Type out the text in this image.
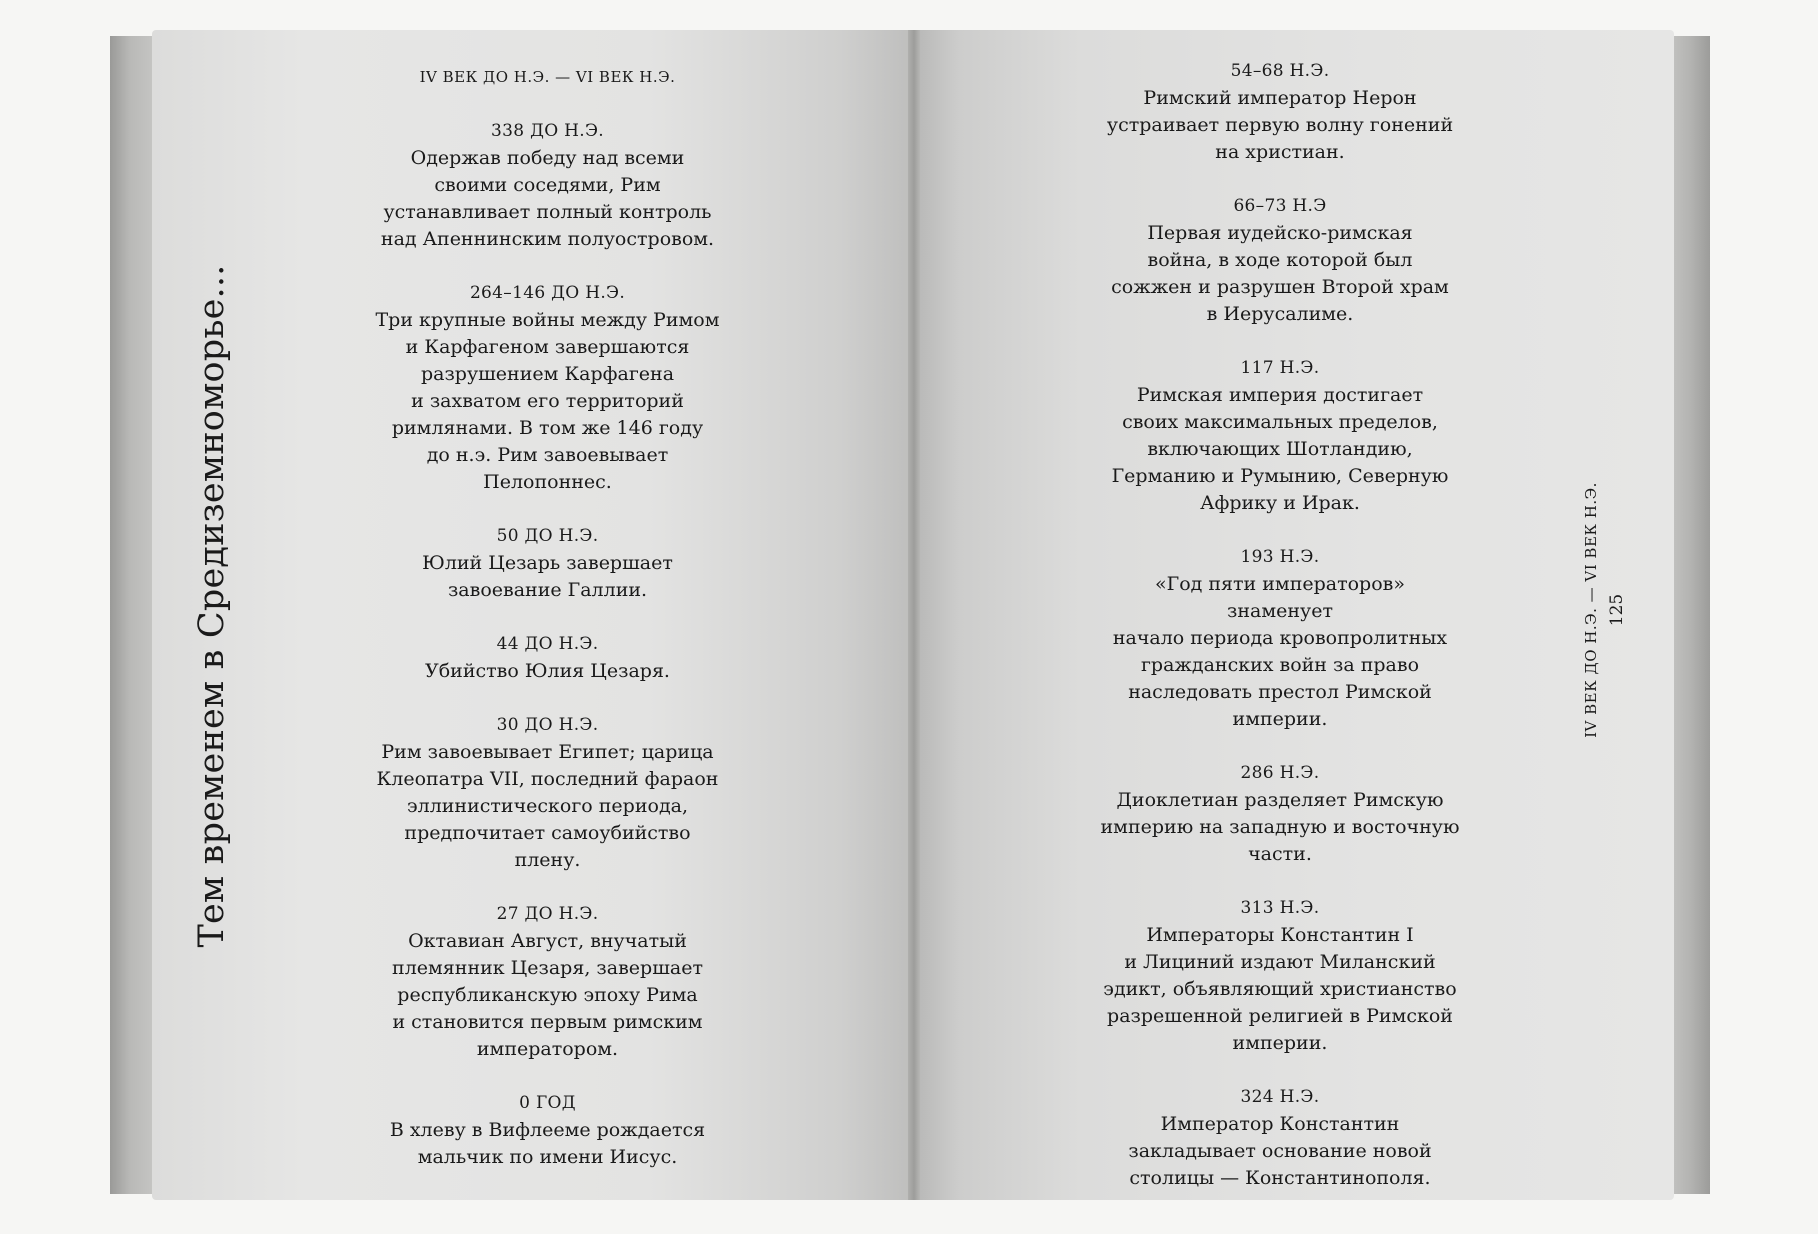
Тем временем в Средиземноморье...
IV ВЕК ДО Н.Э. — VI ВЕК Н.Э.
338 ДО Н.Э.
Одержав победу над всеми
своими соседями, Рим
устанавливает полный контроль
над Апеннинским полуостровом.
264–146 ДО Н.Э.
Три крупные войны между Римом
и Карфагеном завершаются
разрушением Карфагена
и захватом его территорий
римлянами. В том же 146 году
до н.э. Рим завоевывает
Пелопоннес.
50 ДО Н.Э.
Юлий Цезарь завершает
завоевание Галлии.
44 ДО Н.Э.
Убийство Юлия Цезаря.
30 ДО Н.Э.
Рим завоевывает Египет; царица
Клеопатра VII, последний фараон
эллинистического периода,
предпочитает самоубийство
плену.
27 ДО Н.Э.
Октавиан Август, внучатый
племянник Цезаря, завершает
республиканскую эпоху Рима
и становится первым римским
императором.
0 ГОД
В хлеву в Вифлееме рождается
мальчик по имени Иисус.
54–68 Н.Э.
Римский император Нерон
устраивает первую волну гонений
на христиан.
66–73 Н.Э
Первая иудейско-римская
война, в ходе которой был
сожжен и разрушен Второй храм
в Иерусалиме.
117 Н.Э.
Римская империя достигает
своих максимальных пределов,
включающих Шотландию,
Германию и Румынию, Северную
Африку и Ирак.
193 Н.Э.
«Год пяти императоров» знаменует
начало периода кровопролитных
гражданских войн за право
наследовать престол Римской
империи.
286 Н.Э.
Диоклетиан разделяет Римскую
империю на западную и восточную
части.
313 Н.Э.
Императоры Константин I
и Лициний издают Миланский
эдикт, объявляющий христианство
разрешенной религией в Римской
империи.
324 Н.Э.
Император Константин
закладывает основание новой
столицы — Константинополя.
IV ВЕК ДО Н.Э. — VI ВЕК Н.Э. 125
